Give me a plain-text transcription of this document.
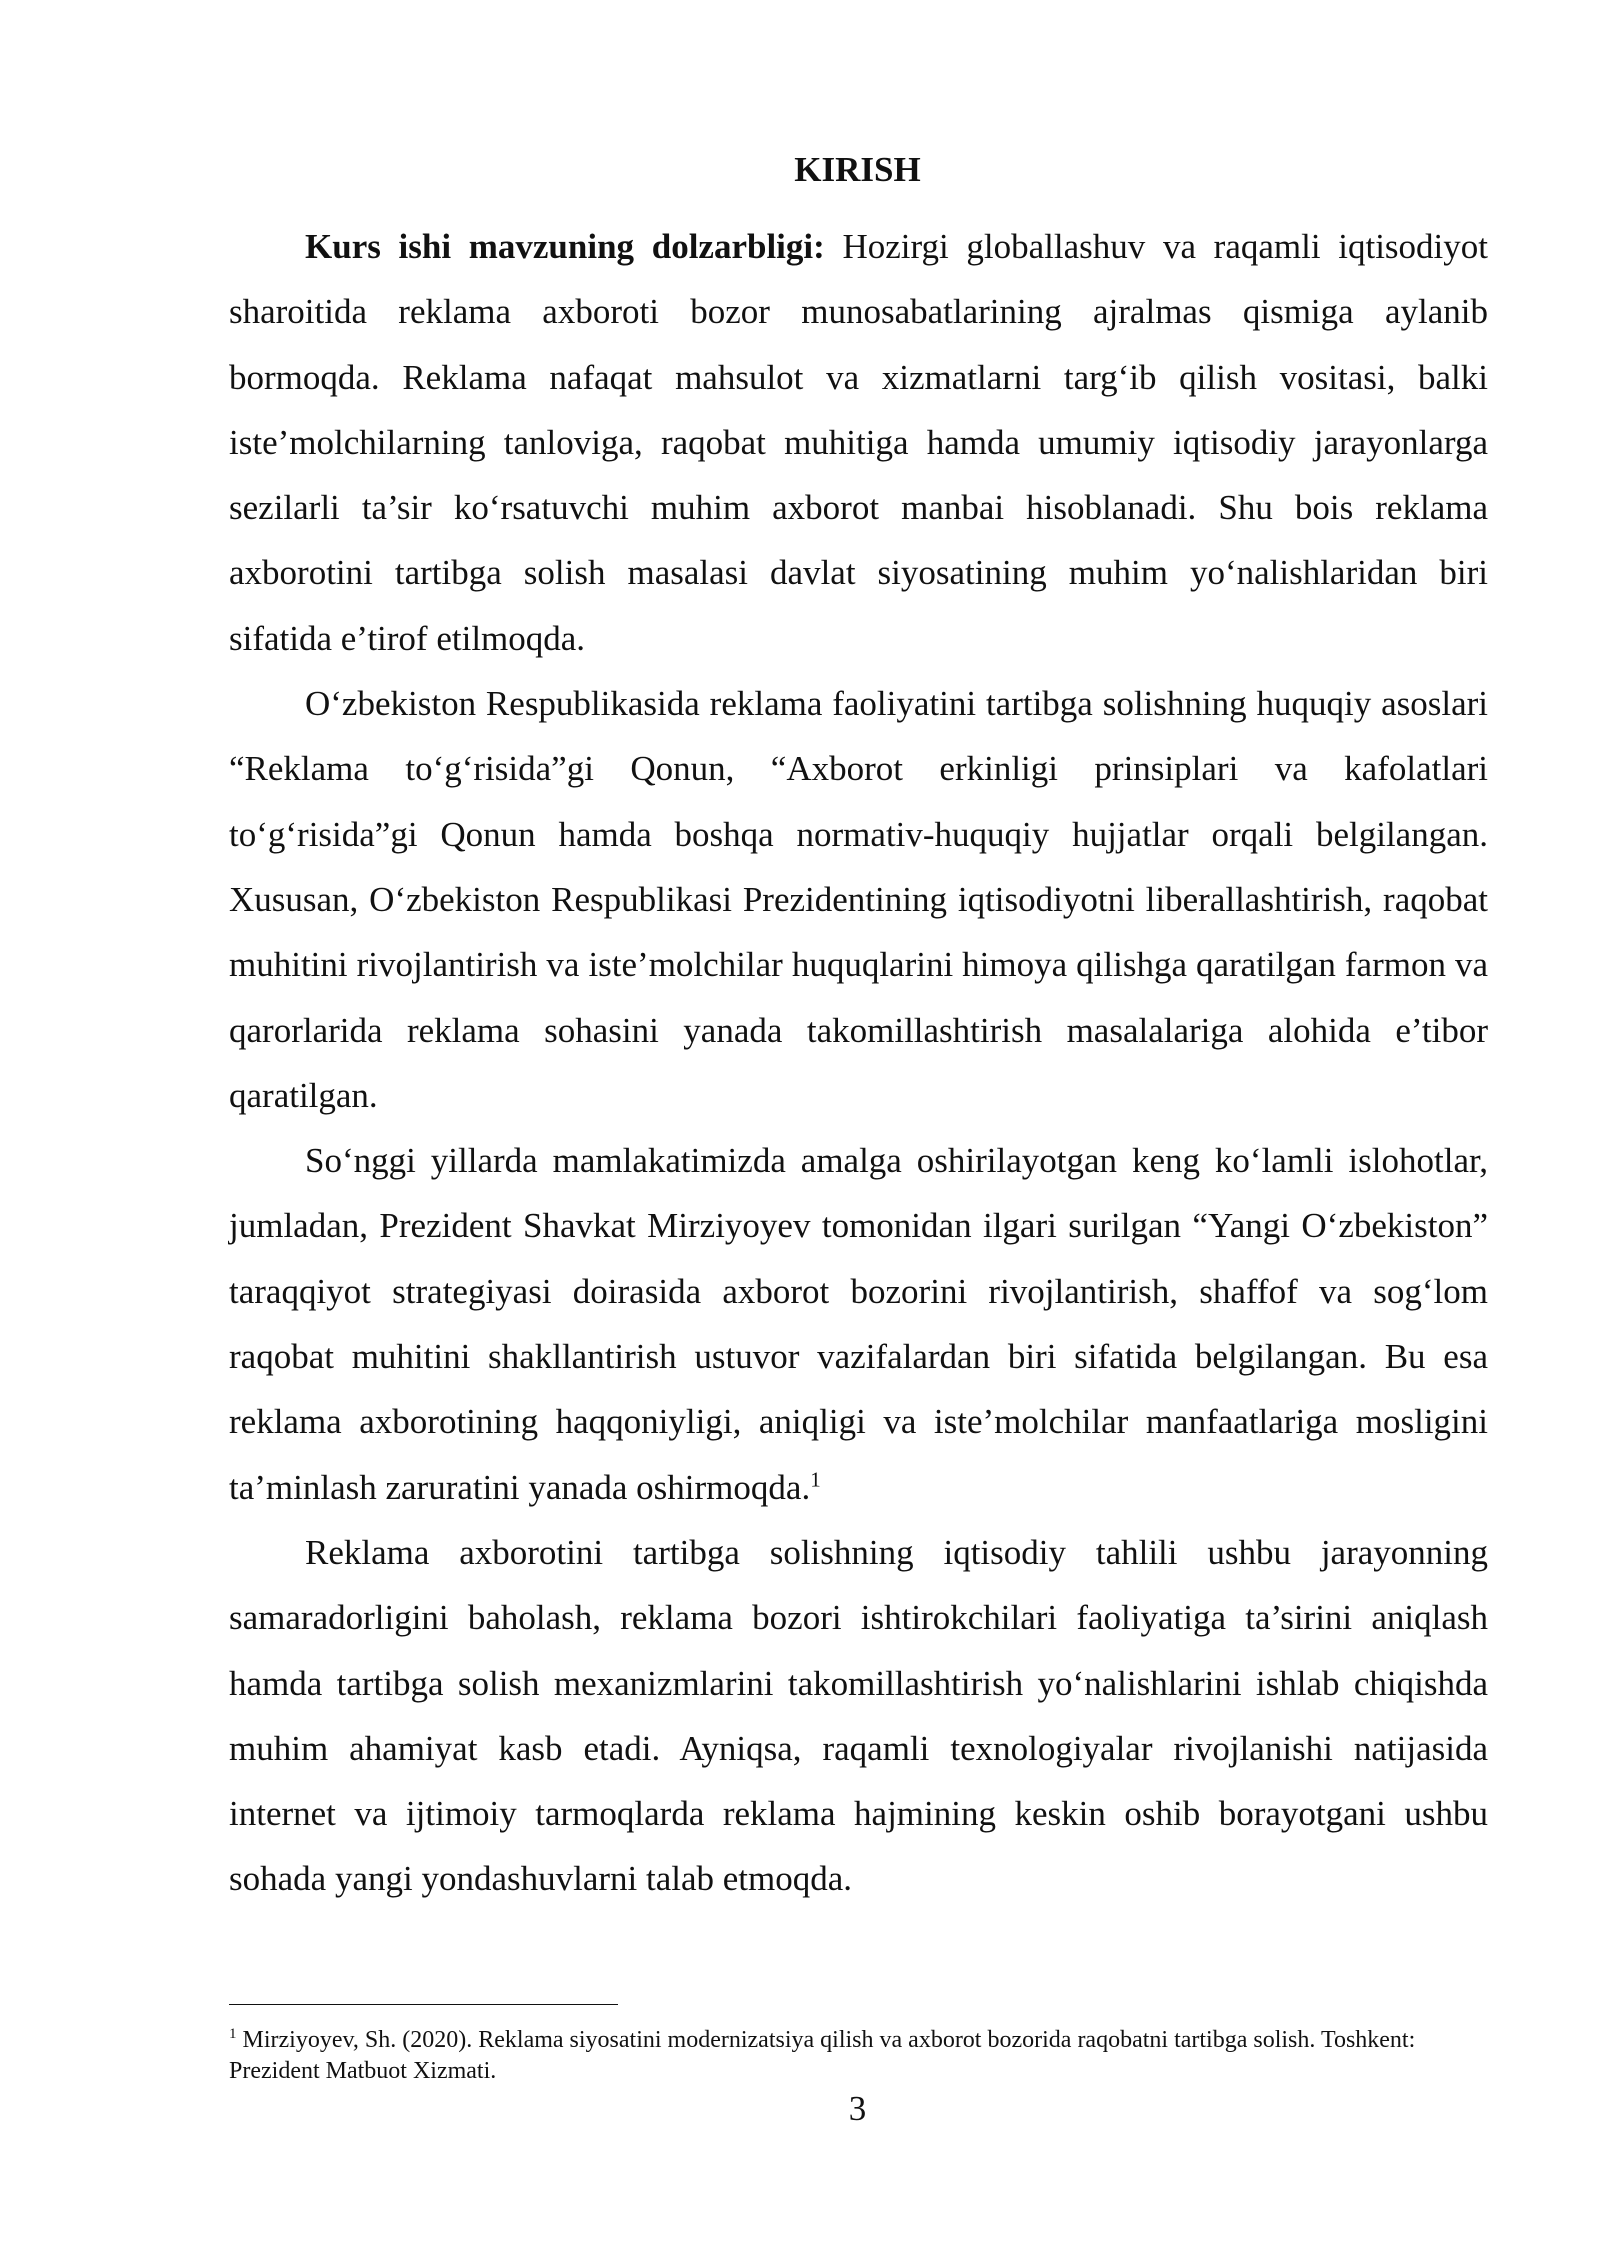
KIRISH

Kurs ishi mavzuning dolzarbligi: Hozirgi globallashuv va raqamli iqtisodiyot sharoitida reklama axboroti bozor munosabatlarining ajralmas qismiga aylanib bormoqda. Reklama nafaqat mahsulot va xizmatlarni targ‘ib qilish vositasi, balki iste’molchilarning tanloviga, raqobat muhitiga hamda umumiy iqtisodiy jarayonlarga sezilarli ta’sir ko‘rsatuvchi muhim axborot manbai hisoblanadi. Shu bois reklama axborotini tartibga solish masalasi davlat siyosatining muhim yo‘nalishlaridan biri sifatida e’tirof etilmoqda.

O‘zbekiston Respublikasida reklama faoliyatini tartibga solishning huquqiy asoslari “Reklama to‘g‘risida”gi Qonun, “Axborot erkinligi prinsiplari va kafolatlari to‘g‘risida”gi Qonun hamda boshqa normativ-huquqiy hujjatlar orqali belgilangan. Xususan, O‘zbekiston Respublikasi Prezidentining iqtisodiyotni liberallashtirish, raqobat muhitini rivojlantirish va iste’molchilar huquqlarini himoya qilishga qaratilgan farmon va qarorlarida reklama sohasini yanada takomillashtirish masalalariga alohida e’tibor qaratilgan.

So‘nggi yillarda mamlakatimizda amalga oshirilayotgan keng ko‘lamli islohotlar, jumladan, Prezident Shavkat Mirziyoyev tomonidan ilgari surilgan “Yangi O‘zbekiston” taraqqiyot strategiyasi doirasida axborot bozorini rivojlantirish, shaffof va sog‘lom raqobat muhitini shakllantirish ustuvor vazifalardan biri sifatida belgilangan. Bu esa reklama axborotining haqqoniyligi, aniqligi va iste’molchilar manfaatlariga mosligini ta’minlash zaruratini yanada oshirmoqda.$^1$

Reklama axborotini tartibga solishning iqtisodiy tahlili ushbu jarayonning samaradorligini baholash, reklama bozori ishtirokchilari faoliyatiga ta’sirini aniqlash hamda tartibga solish mexanizmlarini takomillashtirish yo‘nalishlarini ishlab chiqishda muhim ahamiyat kasb etadi. Ayniqsa, raqamli texnologiyalar rivojlanishi natijasida internet va ijtimoiy tarmoqlarda reklama hajmining keskin oshib borayotgani ushbu sohada yangi yondashuvlarni talab etmoqda.

$^1$ Mirziyoyev, Sh. (2020). Reklama siyosatini modernizatsiya qilish va axborot bozorida raqobatni tartibga solish. Toshkent: Prezident Matbuot Xizmati.
3
